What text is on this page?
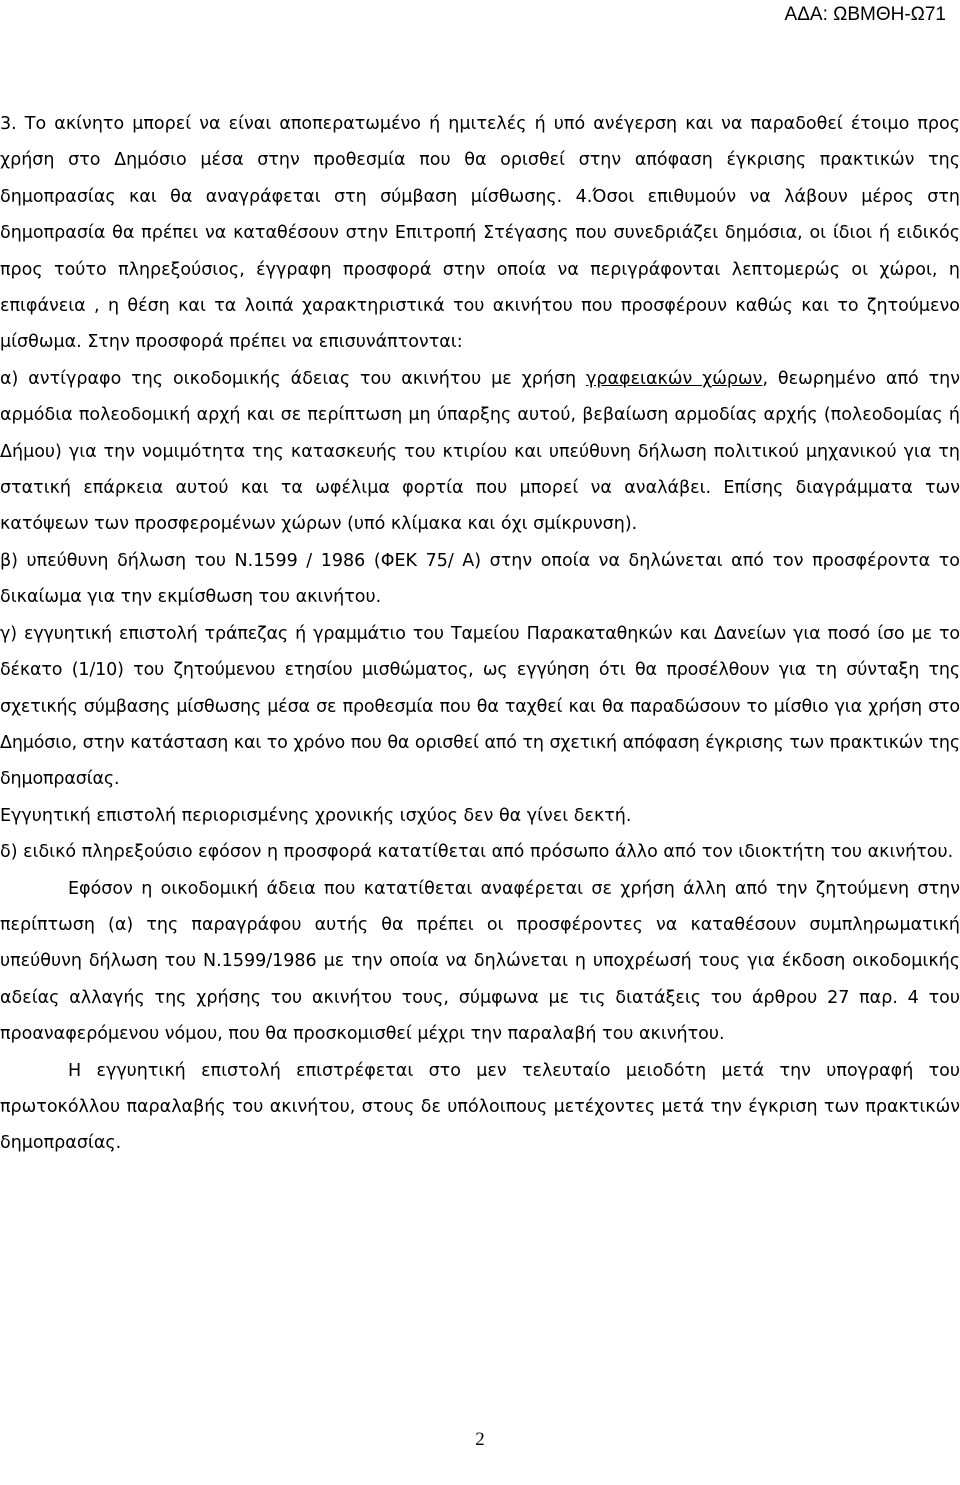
ΑΔΑ: ΩΒΜΘΗ-Ω71

3. Το ακίνητο μπορεί να είναι αποπερατωμένο ή ημιτελές ή υπό ανέγερση και να παραδοθεί έτοιμο προς χρήση στο Δημόσιο μέσα στην προθεσμία που θα ορισθεί στην απόφαση έγκρισης πρακτικών της δημοπρασίας και θα αναγράφεται στη σύμβαση μίσθωσης. 4.Όσοι επιθυμούν να λάβουν μέρος στη δημοπρασία θα πρέπει να καταθέσουν στην Επιτροπή Στέγασης που συνεδριάζει δημόσια, οι ίδιοι ή ειδικός προς τούτο πληρεξούσιος, έγγραφη προσφορά στην οποία να περιγράφονται λεπτομερώς οι χώροι, η επιφάνεια , η θέση και τα λοιπά χαρακτηριστικά του ακινήτου που προσφέρουν καθώς και το ζητούμενο μίσθωμα. Στην προσφορά πρέπει να επισυνάπτονται:

α) αντίγραφο της οικοδομικής άδειας του ακινήτου με χρήση γραφειακών χώρων, θεωρημένο από την αρμόδια πολεοδομική αρχή και σε περίπτωση μη ύπαρξης αυτού, βεβαίωση αρμοδίας αρχής (πολεοδομίας ή Δήμου) για την νομιμότητα της κατασκευής του κτιρίου και υπεύθυνη δήλωση πολιτικού μηχανικού για τη στατική επάρκεια αυτού και τα ωφέλιμα φορτία που μπορεί να αναλάβει. Επίσης διαγράμματα των κατόψεων των προσφερομένων χώρων (υπό κλίμακα και όχι σμίκρυνση).

β) υπεύθυνη δήλωση του Ν.1599 / 1986 (ΦΕΚ 75/ Α) στην οποία να δηλώνεται από τον προσφέροντα το δικαίωμα για την εκμίσθωση του ακινήτου.

γ) εγγυητική επιστολή τράπεζας ή γραμμάτιο του Ταμείου Παρακαταθηκών και Δανείων για ποσό ίσο με το δέκατο (1/10) του ζητούμενου ετησίου μισθώματος, ως εγγύηση ότι θα προσέλθουν για τη σύνταξη της σχετικής σύμβασης μίσθωσης μέσα σε προθεσμία που θα ταχθεί και θα παραδώσουν το μίσθιο για χρήση στο Δημόσιο, στην κατάσταση και το χρόνο που θα ορισθεί από τη σχετική απόφαση έγκρισης των πρακτικών της δημοπρασίας.

Εγγυητική επιστολή περιορισμένης χρονικής ισχύος δεν θα γίνει δεκτή.

δ) ειδικό πληρεξούσιο εφόσον η προσφορά κατατίθεται από πρόσωπο άλλο από τον ιδιοκτήτη του ακινήτου.

Εφόσον η οικοδομική άδεια που κατατίθεται αναφέρεται σε χρήση άλλη από την ζητούμενη στην περίπτωση (α) της παραγράφου αυτής θα πρέπει οι προσφέροντες να καταθέσουν συμπληρωματική υπεύθυνη δήλωση του Ν.1599/1986 με την οποία να δηλώνεται η υποχρέωσή τους για έκδοση οικοδομικής αδείας αλλαγής της χρήσης του ακινήτου τους, σύμφωνα με τις διατάξεις του άρθρου 27 παρ. 4 του προαναφερόμενου νόμου, που θα προσκομισθεί μέχρι την παραλαβή του ακινήτου.

Η εγγυητική επιστολή επιστρέφεται στο μεν τελευταίο μειοδότη μετά την υπογραφή του πρωτοκόλλου παραλαβής του ακινήτου, στους δε υπόλοιπους μετέχοντες μετά την έγκριση των πρακτικών δημοπρασίας.

2
